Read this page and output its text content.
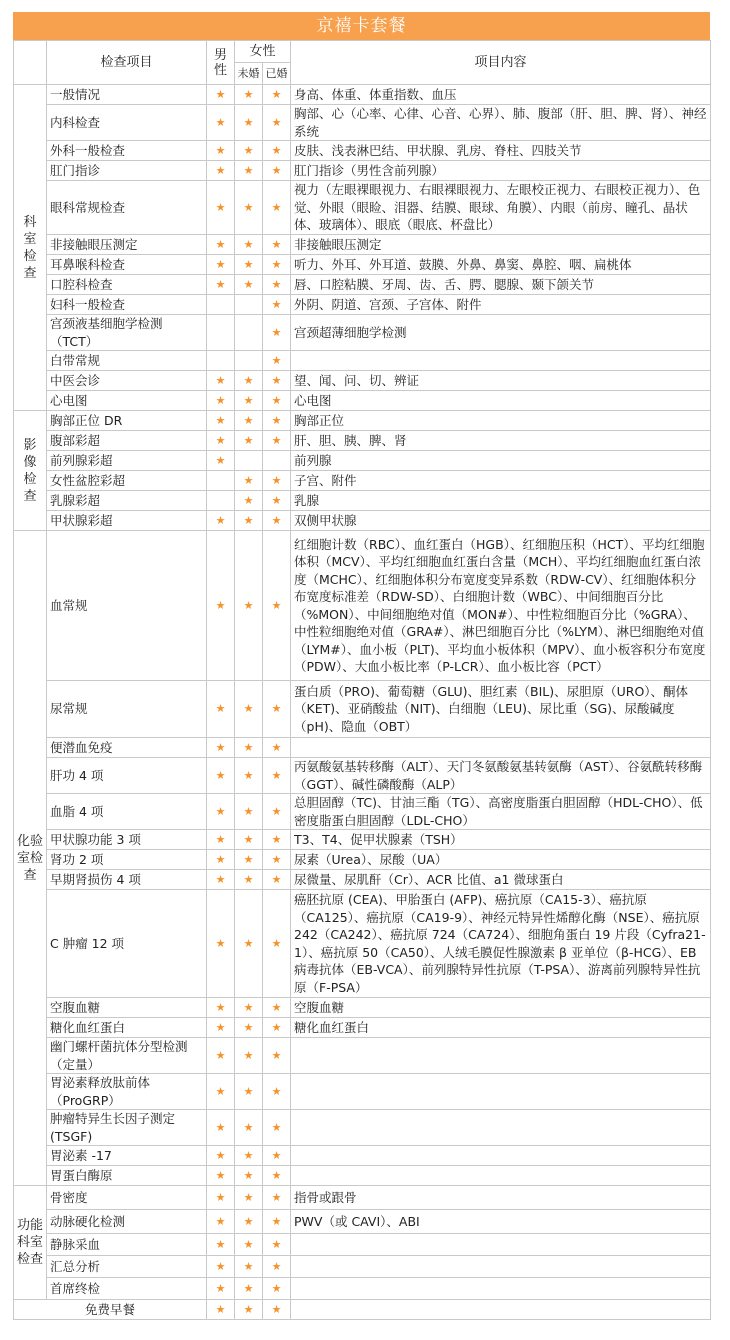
京禧卡套餐
	检查项目	男性	女性		项目内容
			未婚	已婚	
科室检查	一般情况	★	★	★	身高、体重、体重指数、血压
	内科检查	★	★	★	胸部、心（心率、心律、心音、心界）、肺、腹部（肝、胆、脾、肾）、神经系统
	外科一般检查	★	★	★	皮肤、浅表淋巴结、甲状腺、乳房、脊柱、四肢关节
	肛门指诊	★	★	★	肛门指诊（男性含前列腺）
	眼科常规检查	★	★	★	视力（左眼裸眼视力、右眼裸眼视力、左眼校正视力、右眼校正视力）、色觉、外眼（眼睑、泪器、结膜、眼球、角膜）、内眼（前房、瞳孔、晶状体、玻璃体）、眼底（眼底、杯盘比）
	非接触眼压测定	★	★	★	非接触眼压测定
	耳鼻喉科检查	★	★	★	听力、外耳、外耳道、鼓膜、外鼻、鼻窦、鼻腔、咽、扁桃体
	口腔科检查	★	★	★	唇、口腔粘膜、牙周、齿、舌、腭、腮腺、颞下颌关节
	妇科一般检查			★	外阴、阴道、宫颈、子宫体、附件
	宫颈液基细胞学检测（TCT）			★	宫颈超薄细胞学检测
	白带常规			★	
	中医会诊	★	★	★	望、闻、问、切、辨证
	心电图	★	★	★	心电图
影像检查	胸部正位 DR	★	★	★	胸部正位
	腹部彩超	★	★	★	肝、胆、胰、脾、肾
	前列腺彩超	★			前列腺
	女性盆腔彩超		★	★	子宫、附件
	乳腺彩超		★	★	乳腺
	甲状腺彩超	★	★	★	双侧甲状腺
化验室检查	血常规	★	★	★	红细胞计数（RBC）、血红蛋白（HGB）、红细胞压积（HCT）、平均红细胞体积（MCV）、平均红细胞血红蛋白含量（MCH）、平均红细胞血红蛋白浓度（MCHC）、红细胞体积分布宽度变异系数（RDW-CV）、红细胞体积分布宽度标准差（RDW-SD）、白细胞计数（WBC）、中间细胞百分比（%MON）、中间细胞绝对值（MON#）、中性粒细胞百分比（%GRA）、中性粒细胞绝对值（GRA#）、淋巴细胞百分比（%LYM）、淋巴细胞绝对值（LYM#）、血小板（PLT)、平均血小板体积（MPV）、血小板容积分布宽度（PDW）、大血小板比率（P-LCR）、血小板比容（PCT）
	尿常规	★	★	★	蛋白质（PRO)、葡萄糖（GLU)、胆红素（BIL)、尿胆原（URO）、酮体（KET)、亚硝酸盐（NIT)、白细胞（LEU)、尿比重（SG)、尿酸碱度（pH)、隐血（OBT）
	便潜血免疫	★	★	★	
	肝功 4 项	★	★	★	丙氨酸氨基转移酶（ALT）、天门冬氨酸氨基转氨酶（AST）、谷氨酰转移酶（GGT）、碱性磷酸酶（ALP）
	血脂 4 项	★	★	★	总胆固醇（TC)、甘油三酯（TG）、高密度脂蛋白胆固醇（HDL-CHO）、低密度脂蛋白胆固醇（LDL-CHO）
	甲状腺功能 3 项	★	★	★	T3、T4、促甲状腺素（TSH）
	肾功 2 项	★	★	★	尿素（Urea）、尿酸（UA）
	早期肾损伤 4 项	★	★	★	尿微量、尿肌酐（Cr）、ACR 比值、a1 微球蛋白
	C 肿瘤 12 项	★	★	★	癌胚抗原 (CEA)、甲胎蛋白 (AFP)、癌抗原（CA15-3）、癌抗原（CA125）、癌抗原（CA19-9）、神经元特异性烯醇化酶（NSE）、癌抗原 242（CA242）、癌抗原 724（CA724）、细胞角蛋白 19 片段（Cyfra21-1）、癌抗原 50（CA50）、人绒毛膜促性腺激素 β 亚单位（β-HCG）、EB 病毒抗体（EB-VCA）、前列腺特异性抗原（T-PSA）、游离前列腺特异性抗原（F-PSA）
	空腹血糖	★	★	★	空腹血糖
	糖化血红蛋白	★	★	★	糖化血红蛋白
	幽门螺杆菌抗体分型检测（定量）	★	★	★	
	胃泌素释放肽前体（ProGRP）	★	★	★	
	肿瘤特异生长因子测定(TSGF)	★	★	★	
	胃泌素 -17	★	★	★	
	胃蛋白酶原	★	★	★	
功能科室检查	骨密度	★	★	★	指骨或跟骨
	动脉硬化检测	★	★	★	PWV（或 CAVI）、ABI
	静脉采血	★	★	★	
	汇总分析	★	★	★	
	首席终检	★	★	★	
免费早餐		★	★	★	
